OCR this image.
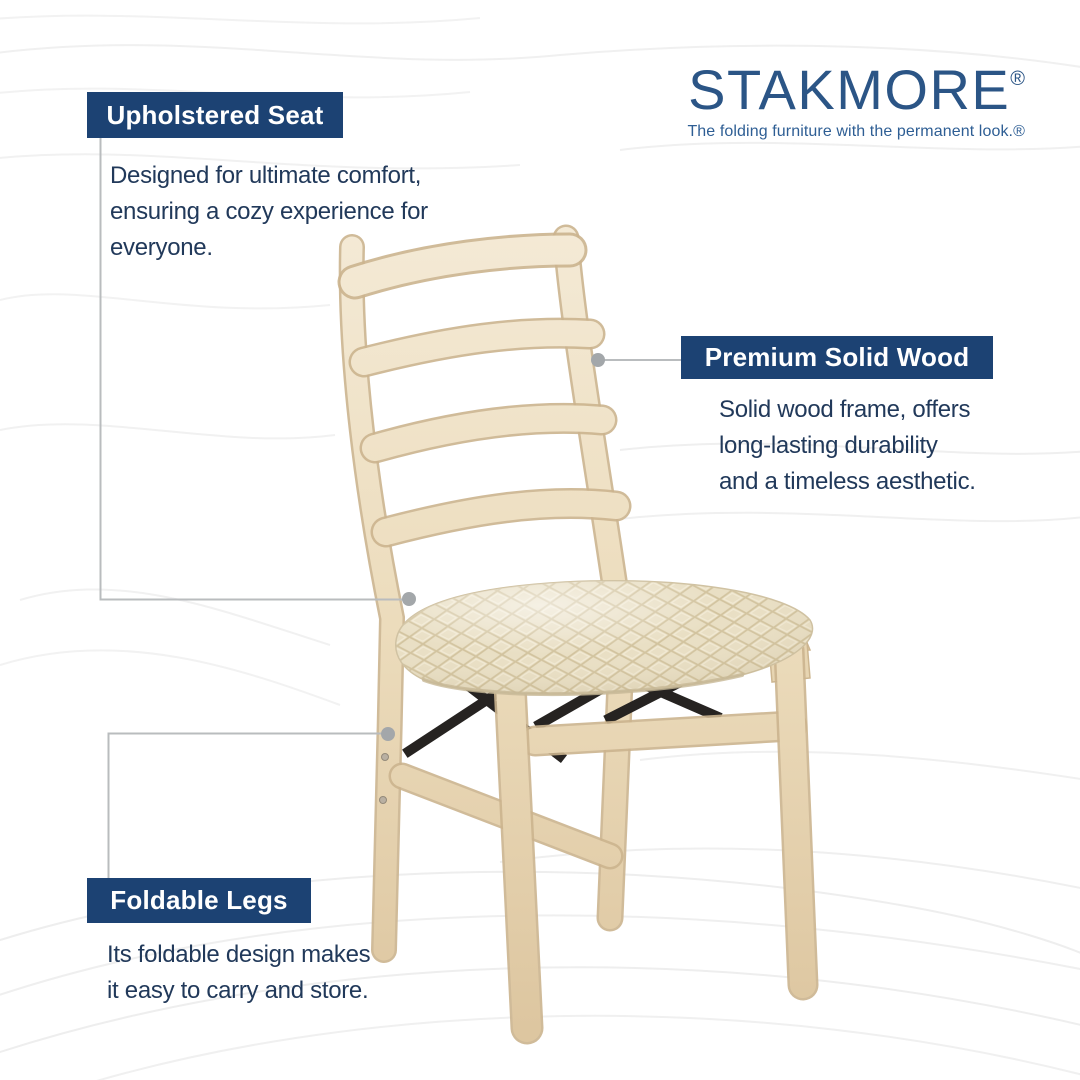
STAKMORE®
The folding furniture with the permanent look.®
Upholstered Seat
Designed for ultimate comfort,
ensuring a cozy experience for
everyone.
Premium Solid Wood
Solid wood frame, offers
long-lasting durability
and a timeless aesthetic.
Foldable Legs
Its foldable design makes
it easy to carry and store.
